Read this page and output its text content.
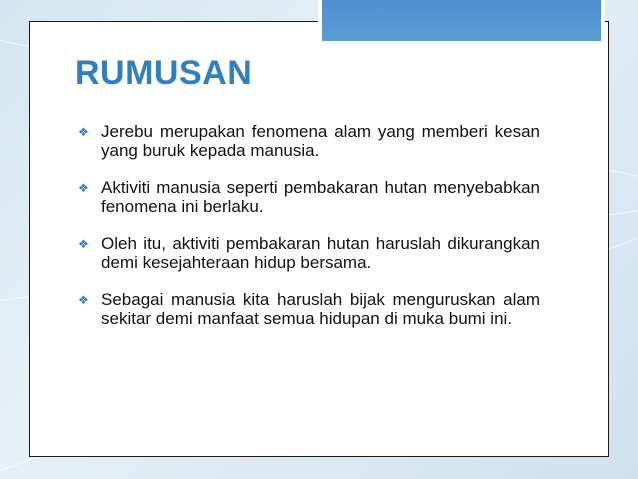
RUMUSAN
❖ Jerebu merupakan fenomena alam yang memberi kesan yang buruk kepada manusia.
❖ Aktiviti manusia seperti pembakaran hutan menyebabkan fenomena ini berlaku.
❖ Oleh itu, aktiviti pembakaran hutan haruslah dikurangkan demi kesejahteraan hidup bersama.
❖ Sebagai manusia kita haruslah bijak menguruskan alam sekitar demi manfaat semua hidupan di muka bumi ini.
